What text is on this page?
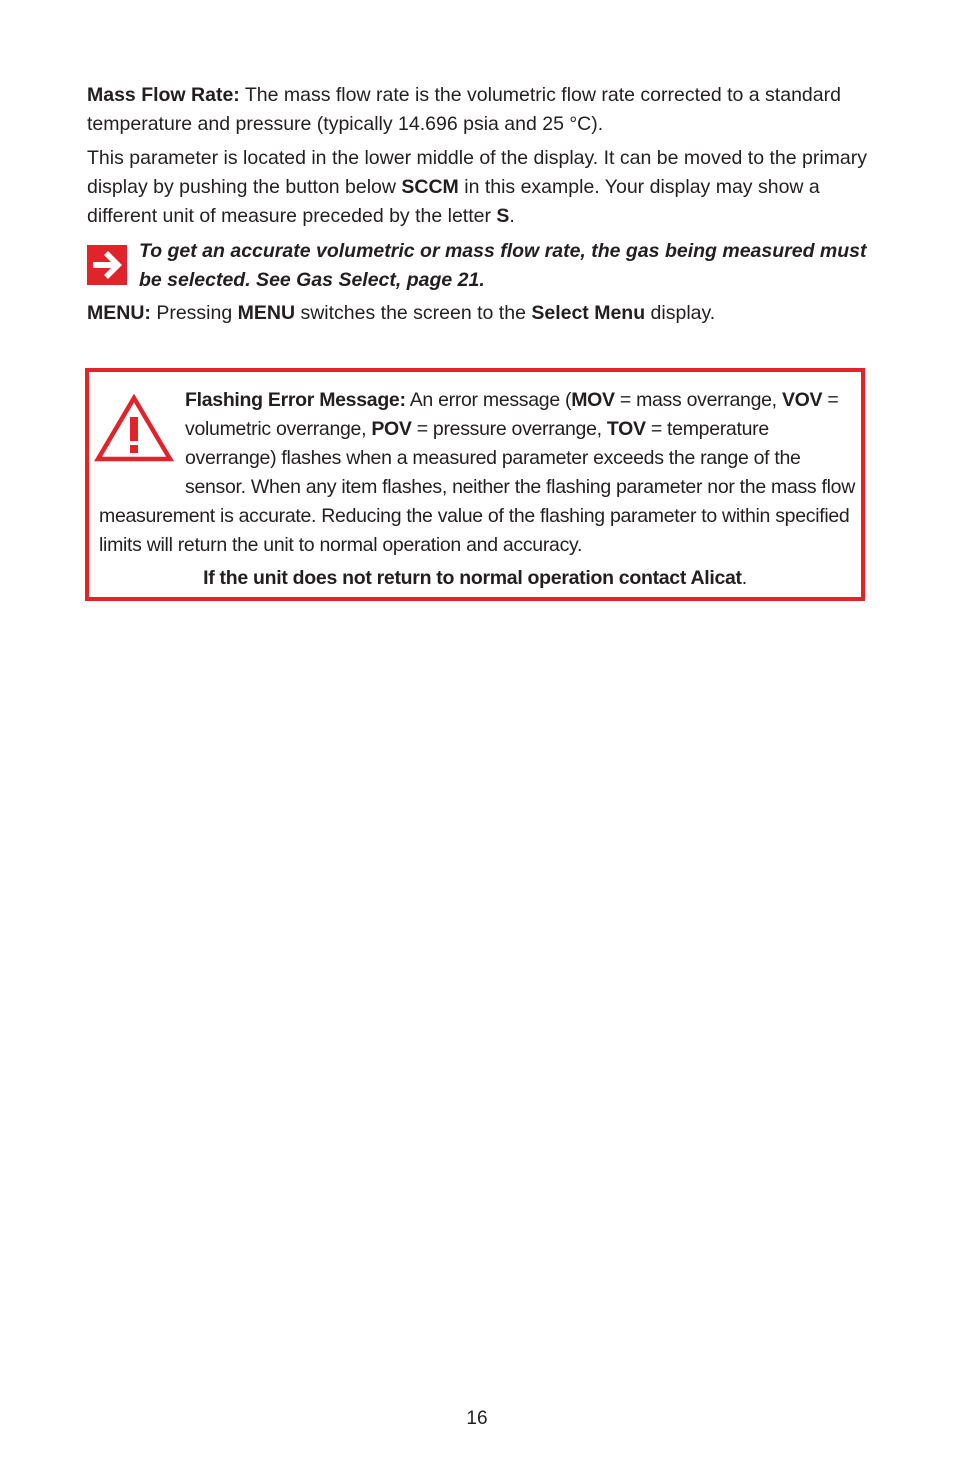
Mass Flow Rate: The mass flow rate is the volumetric flow rate corrected to a standard temperature and pressure (typically 14.696 psia and 25 °C).

This parameter is located in the lower middle of the display. It can be moved to the primary display by pushing the button below SCCM in this example. Your display may show a different unit of measure preceded by the letter S.

To get an accurate volumetric or mass flow rate, the gas being measured must be selected. See Gas Select, page 21.

MENU: Pressing MENU switches the screen to the Select Menu display.

Flashing Error Message: An error message (MOV = mass overrange, VOV = volumetric overrange, POV = pressure overrange, TOV = temperature overrange) flashes when a measured parameter exceeds the range of the sensor. When any item flashes, neither the flashing parameter nor the mass flow measurement is accurate. Reducing the value of the flashing parameter to within specified limits will return the unit to normal operation and accuracy.
If the unit does not return to normal operation contact Alicat.
16
